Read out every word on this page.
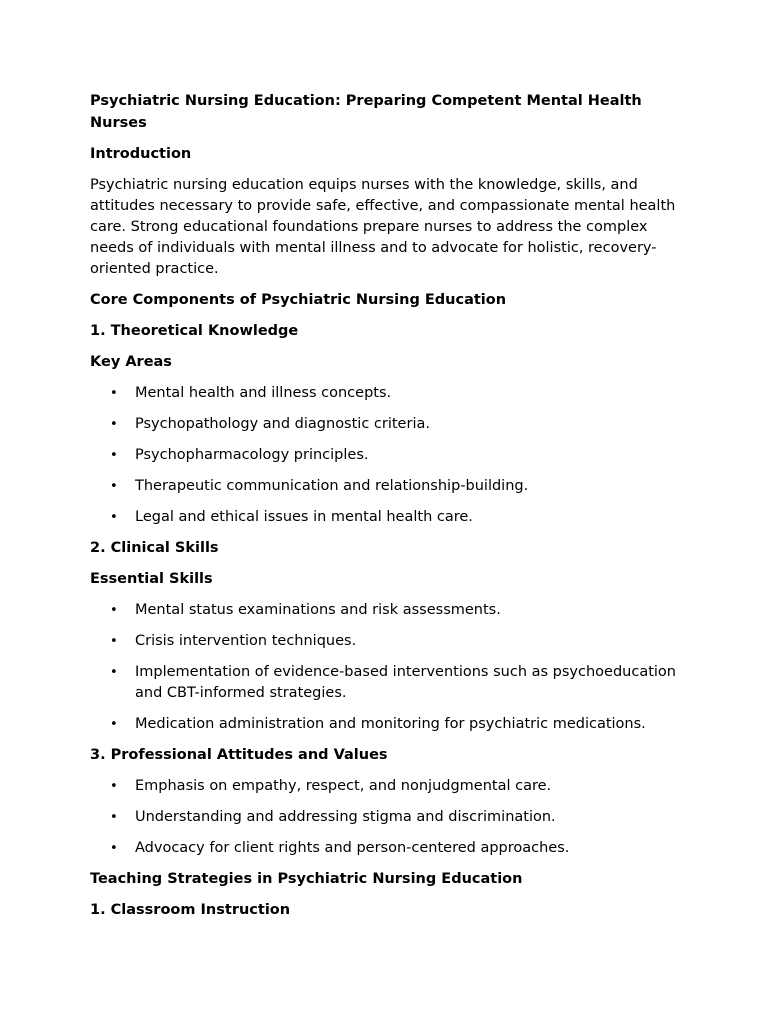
Psychiatric Nursing Education: Preparing Competent Mental Health Nurses
Introduction

Psychiatric nursing education equips nurses with the knowledge, skills, and attitudes necessary to provide safe, effective, and compassionate mental health care. Strong educational foundations prepare nurses to address the complex needs of individuals with mental illness and to advocate for holistic, recovery-oriented practice.

Core Components of Psychiatric Nursing Education
1. Theoretical Knowledge
Key Areas
• Mental health and illness concepts.
• Psychopathology and diagnostic criteria.
• Psychopharmacology principles.
• Therapeutic communication and relationship-building.
• Legal and ethical issues in mental health care.
2. Clinical Skills
Essential Skills
• Mental status examinations and risk assessments.
• Crisis intervention techniques.
• Implementation of evidence-based interventions such as psychoeducation and CBT-informed strategies.
• Medication administration and monitoring for psychiatric medications.
3. Professional Attitudes and Values
• Emphasis on empathy, respect, and nonjudgmental care.
• Understanding and addressing stigma and discrimination.
• Advocacy for client rights and person-centered approaches.
Teaching Strategies in Psychiatric Nursing Education
1. Classroom Instruction
